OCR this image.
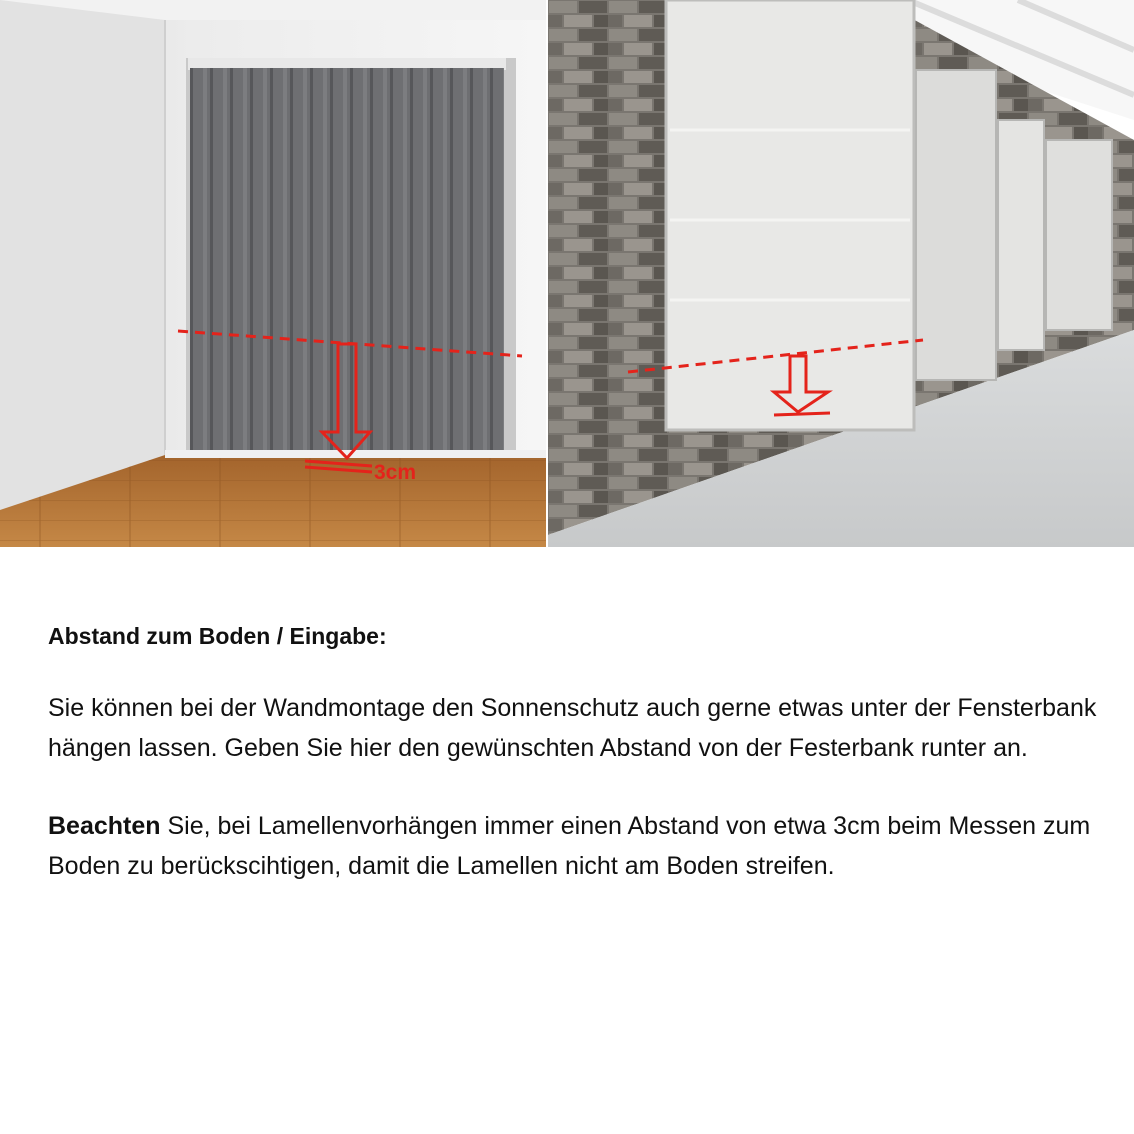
3cm
Abstand zum Boden / Eingabe:

Sie können bei der Wandmontage den Sonnenschutz auch gerne etwas unter der Fensterbank hängen lassen. Geben Sie hier den gewünschten Abstand von der Festerbank runter an.

Beachten Sie, bei Lamellenvorhängen immer einen Abstand von etwa 3cm beim Messen zum Boden zu berückscihtigen, damit die Lamellen nicht am Boden streifen.
